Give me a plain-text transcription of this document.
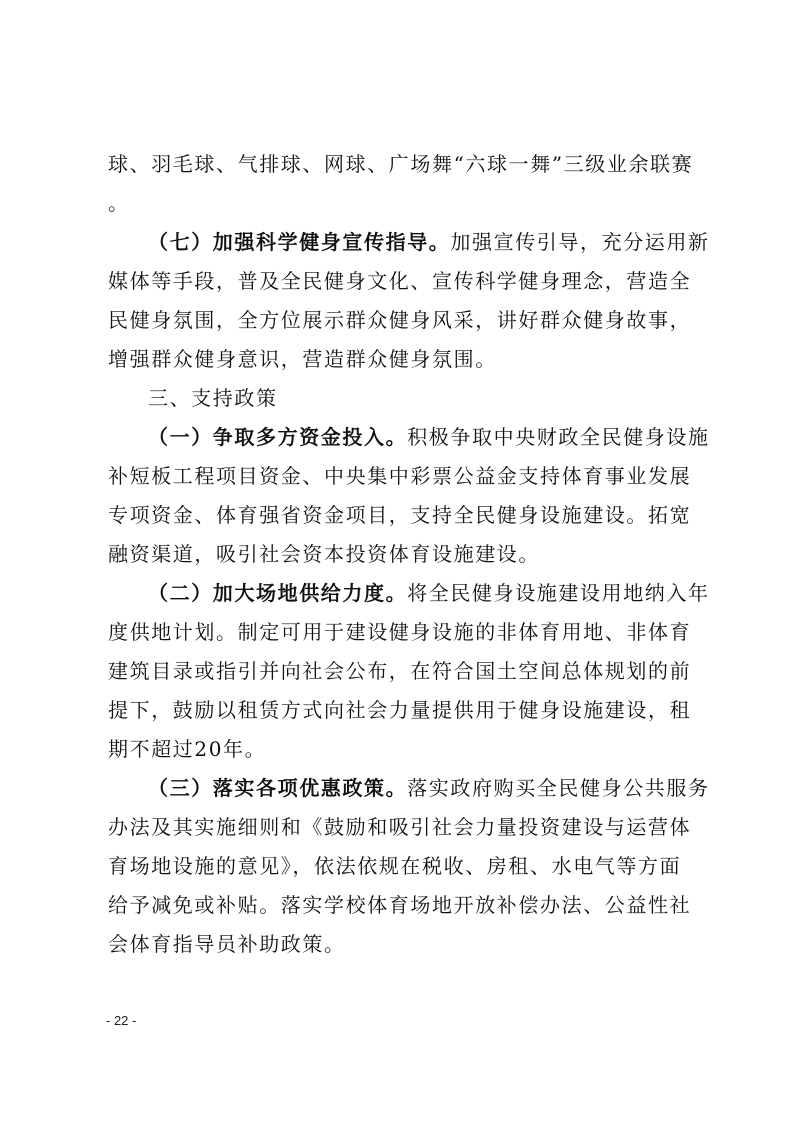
球、羽毛球、气排球、网球、广场舞“六球一舞”三级业余联赛
。
（七）加强科学健身宣传指导。加强宣传引导，充分运用新
媒体等手段，普及全民健身文化、宣传科学健身理念，营造全
民健身氛围，全方位展示群众健身风采，讲好群众健身故事，
增强群众健身意识，营造群众健身氛围。
三、支持政策
（一）争取多方资金投入。积极争取中央财政全民健身设施
补短板工程项目资金、中央集中彩票公益金支持体育事业发展
专项资金、体育强省资金项目，支持全民健身设施建设。拓宽
融资渠道，吸引社会资本投资体育设施建设。
（二）加大场地供给力度。将全民健身设施建设用地纳入年
度供地计划。制定可用于建设健身设施的非体育用地、非体育
建筑目录或指引并向社会公布，在符合国土空间总体规划的前
提下，鼓励以租赁方式向社会力量提供用于健身设施建设，租
期不超过20年。
（三）落实各项优惠政策。落实政府购买全民健身公共服务
办法及其实施细则和《鼓励和吸引社会力量投资建设与运营体
育场地设施的意见》，依法依规在税收、房租、水电气等方面
给予减免或补贴。落实学校体育场地开放补偿办法、公益性社
会体育指导员补助政策。
- 22 -
